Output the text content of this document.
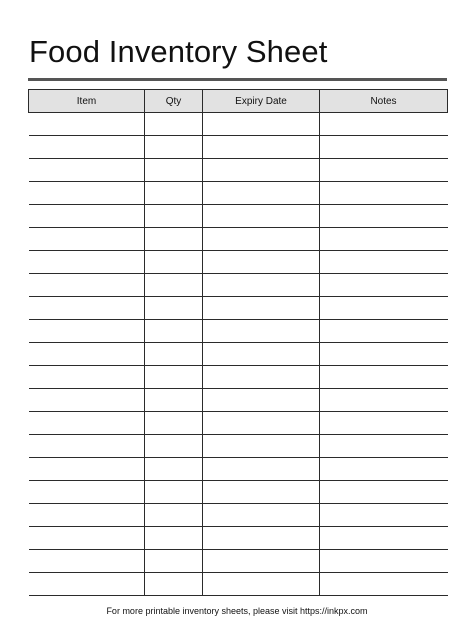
Food Inventory Sheet
Item	Qty	Expiry Date	Notes

For more printable inventory sheets, please visit https://inkpx.com
